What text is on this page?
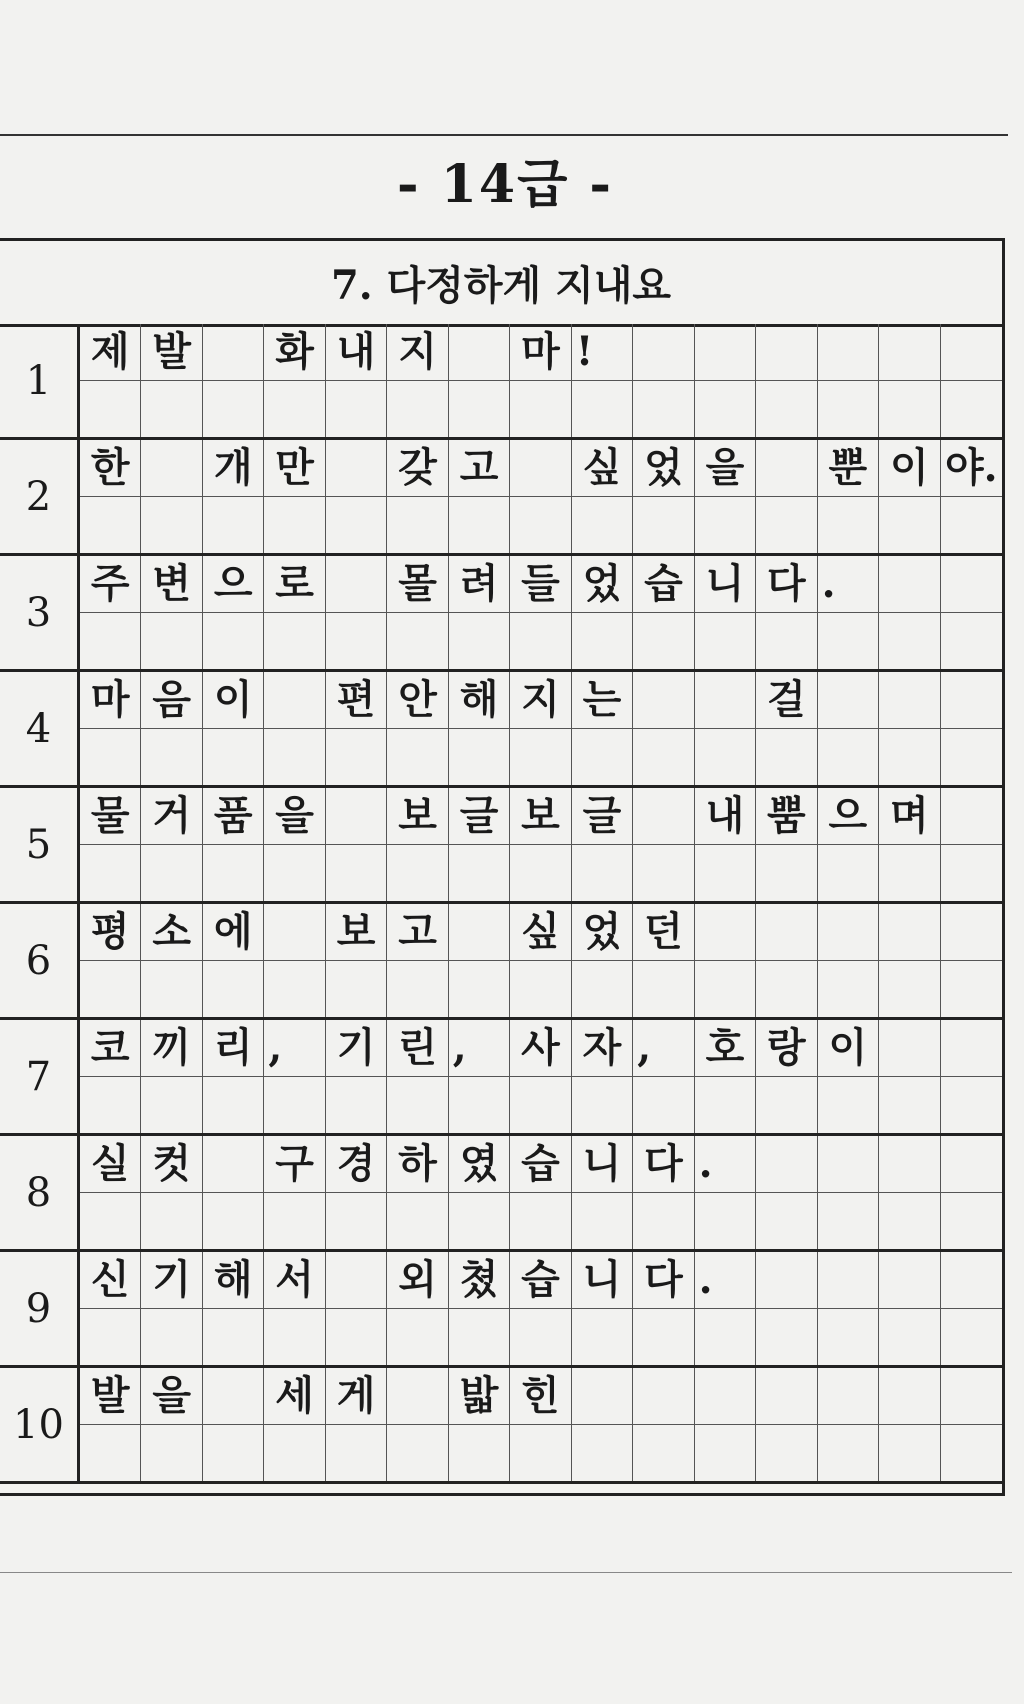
- 14급 -
7. 다정하게 지내요
1
제 발 화 내 지 마 !
2
한 개 만 갖 고 싶 었 을 뿐 이 야.
3
주 변 으 로 몰 려 들 었 습 니 다 .
4
마 음 이 편 안 해 지 는	걸
5
물 거 품 을 보 글 보 글 내 뿜 으 며
6
평 소 에 보 고 싶 었 던
7
코 끼 리 ,	기 린 ,	사 자 ,	호 랑 이
8
실 컷 구 경 하 였 습 니 다 .
9
신 기 해 서 외 쳤 습 니 다 .
10
발 을 세 게 밟 힌
